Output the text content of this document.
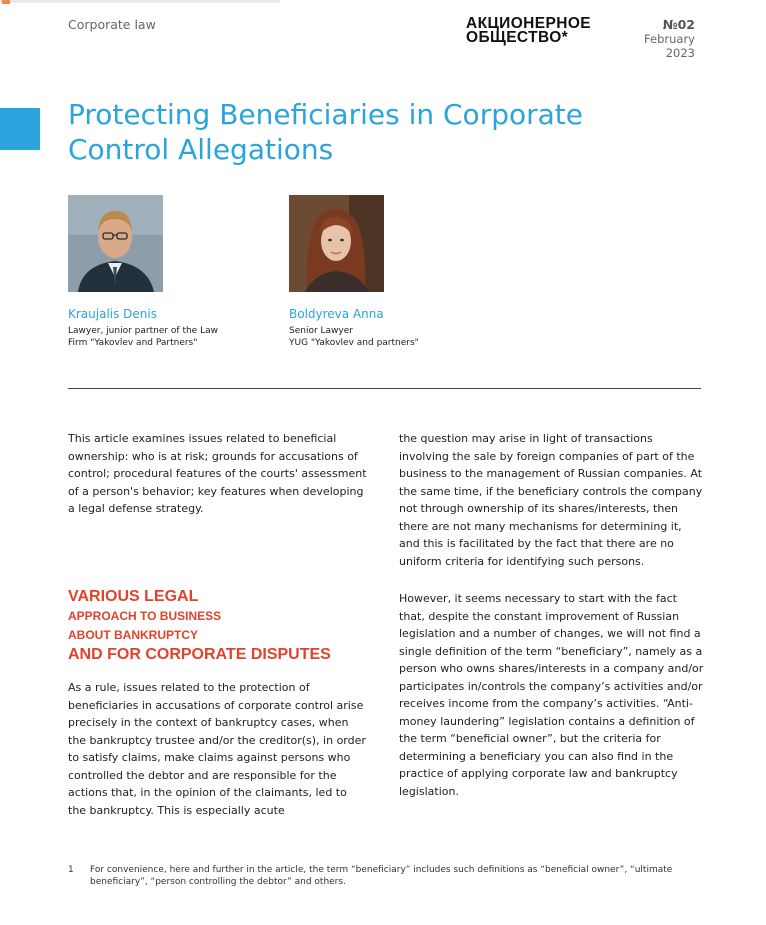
Corporate law	АКЦИОНЕРНОЕ
ОБЩЕСТВО*
№02
February 2023
Protecting Beneficiaries in Corporate Control Allegations
Kraujalis Denis
Lawyer, junior partner of the Law
Firm "Yakovlev and Partners"
Boldyreva Anna
Senior Lawyer
YUG "Yakovlev and partners"

This article examines issues related to beneficial ownership: who is at risk; grounds for accusations of control; procedural features of the courts' assessment of a person's behavior; key features when developing a legal defense strategy.

VARIOUS LEGAL
APPROACH TO BUSINESS
ABOUT BANKRUPTCY
AND FOR CORPORATE DISPUTES

As a rule, issues related to the protection of beneficiaries in accusations of corporate control arise precisely in the context of bankruptcy cases, when the bankruptcy trustee and/or the creditor(s), in order to satisfy claims, make claims against persons who controlled the debtor and are responsible for the actions that, in the opinion of the claimants, led to the bankruptcy. This is especially acute

the question may arise in light of transactions involving the sale by foreign companies of part of the business to the management of Russian companies. At the same time, if the beneficiary controls the company not through ownership of its shares/interests, then there are not many mechanisms for determining it, and this is facilitated by the fact that there are no uniform criteria for identifying such persons.

However, it seems necessary to start with the fact that, despite the constant improvement of Russian legislation and a number of changes, we will not find a single definition of the term “beneficiary”, namely as a person who owns shares/interests in a company and/or participates in/controls the company’s activities and/or receives income from the company’s activities. “Anti-money laundering” legislation contains a definition of the term “beneficial owner”, but the criteria for determining a beneficiary you can also find in the practice of applying corporate law and bankruptcy legislation.

1 For convenience, here and further in the article, the term “beneficiary” includes such definitions as “beneficial owner”, “ultimate beneficiary”, “person controlling the debtor” and others.
